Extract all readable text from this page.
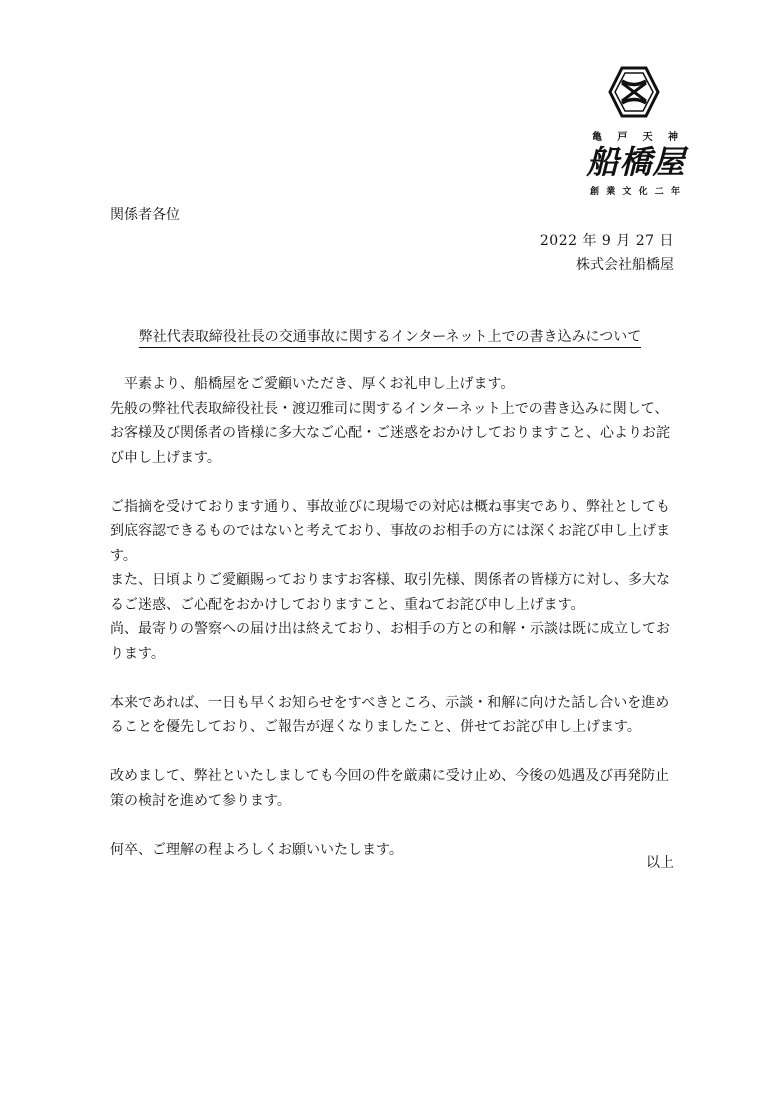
亀 戸 天 神
船橋屋
創 業 文 化 二 年
関係者各位
2022 年 9 月 27 日
株式会社船橋屋
弊社代表取締役社長の交通事故に関するインターネット上での書き込みについて

平素より、船橋屋をご愛顧いただき、厚くお礼申し上げます。

先般の弊社代表取締役社長・渡辺雅司に関するインターネット上での書き込みに関して、お客様及び関係者の皆様に多大なご心配・ご迷惑をおかけしておりますこと、心よりお詫び申し上げます。

ご指摘を受けております通り、事故並びに現場での対応は概ね事実であり、弊社としても到底容認できるものではないと考えており、事故のお相手の方には深くお詫び申し上げます。

また、日頃よりご愛顧賜っておりますお客様、取引先様、関係者の皆様方に対し、多大なるご迷惑、ご心配をおかけしておりますこと、重ねてお詫び申し上げます。

尚、最寄りの警察への届け出は終えており、お相手の方との和解・示談は既に成立しております。

本来であれば、一日も早くお知らせをすべきところ、示談・和解に向けた話し合いを進めることを優先しており、ご報告が遅くなりましたこと、併せてお詫び申し上げます。

改めまして、弊社といたしましても今回の件を厳粛に受け止め、今後の処遇及び再発防止策の検討を進めて参ります。

何卒、ご理解の程よろしくお願いいたします。

以上
